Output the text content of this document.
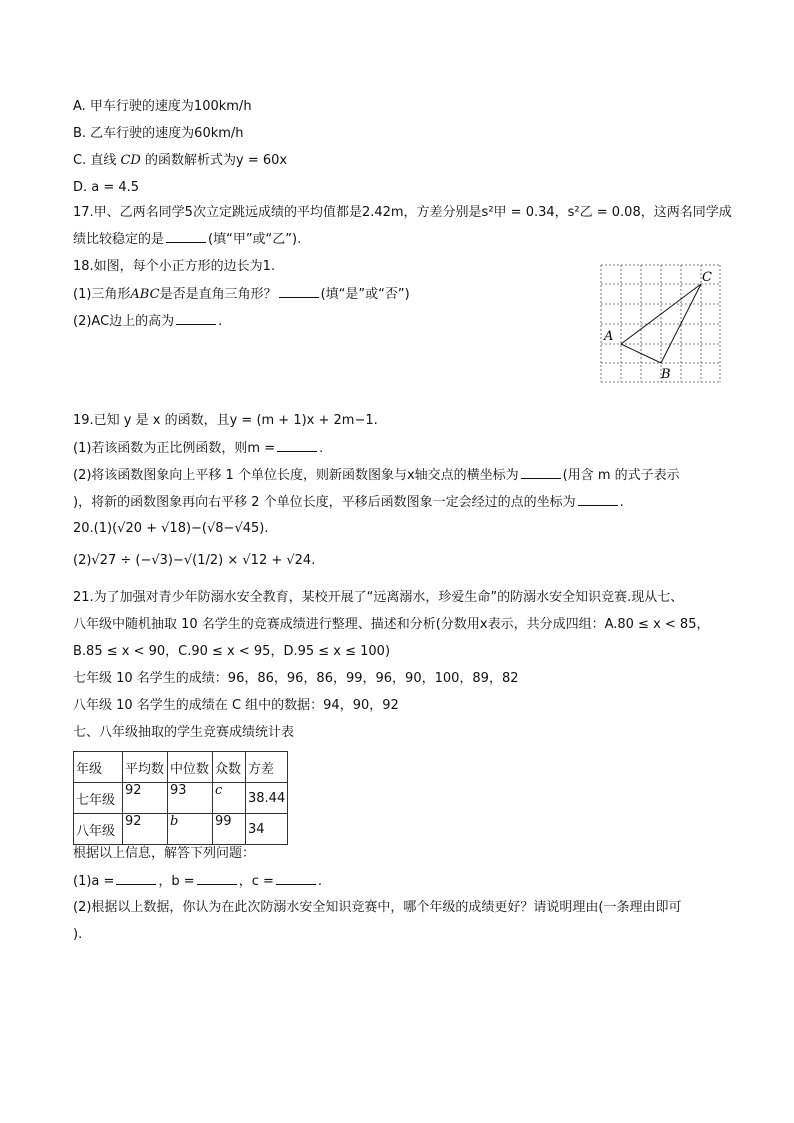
A. 甲车行驶的速度为100km/h
B. 乙车行驶的速度为60km/h
C. 直线 CD 的函数解析式为y = 60x
D. a = 4.5
17.甲、乙两名同学5次立定跳远成绩的平均值都是2.42m，方差分别是s²甲 = 0.34，s²乙 = 0.08，这两名同学成
绩比较稳定的是	(填“甲”或“乙”).
18.如图，每个小正方形的边长为1.
(1)三角形ABC是否是直角三角形？	(填“是”或“否”)
(2)AC边上的高为	.
A
B
C
19.已知 y 是 x 的函数，且y = (m + 1)x + 2m−1.
(1)若该函数为正比例函数，则m =	.
(2)将该函数图象向上平移 1 个单位长度，则新函数图象与x轴交点的横坐标为	(用含 m 的式子表示
)，将新的函数图象再向右平移 2 个单位长度，平移后函数图象一定会经过的点的坐标为	.
20.(1)(√20 + √18)−(√8−√45).
(2)√27 ÷ (−√3)−√(1/2) × √12 + √24.
21.为了加强对青少年防溺水安全教育，某校开展了“远离溺水，珍爱生命”的防溺水安全知识竞赛.现从七、
八年级中随机抽取 10 名学生的竞赛成绩进行整理、描述和分析(分数用x表示，共分成四组：A.80 ≤ x < 85，
B.85 ≤ x < 90，C.90 ≤ x < 95，D.95 ≤ x ≤ 100)
七年级 10 名学生的成绩：96，86，96，86，99，96，90，100，89，82
八年级 10 名学生的成绩在 C 组中的数据：94，90，92
七、八年级抽取的学生竞赛成绩统计表
年级	平均数	中位数	众数	方差
七年级	92	93	c	38.44
八年级	92	b	99	34
根据以上信息，解答下列问题：
(1)a =	，b =	，c =	.
(2)根据以上数据，你认为在此次防溺水安全知识竞赛中，哪个年级的成绩更好？请说明理由(一条理由即可
).
